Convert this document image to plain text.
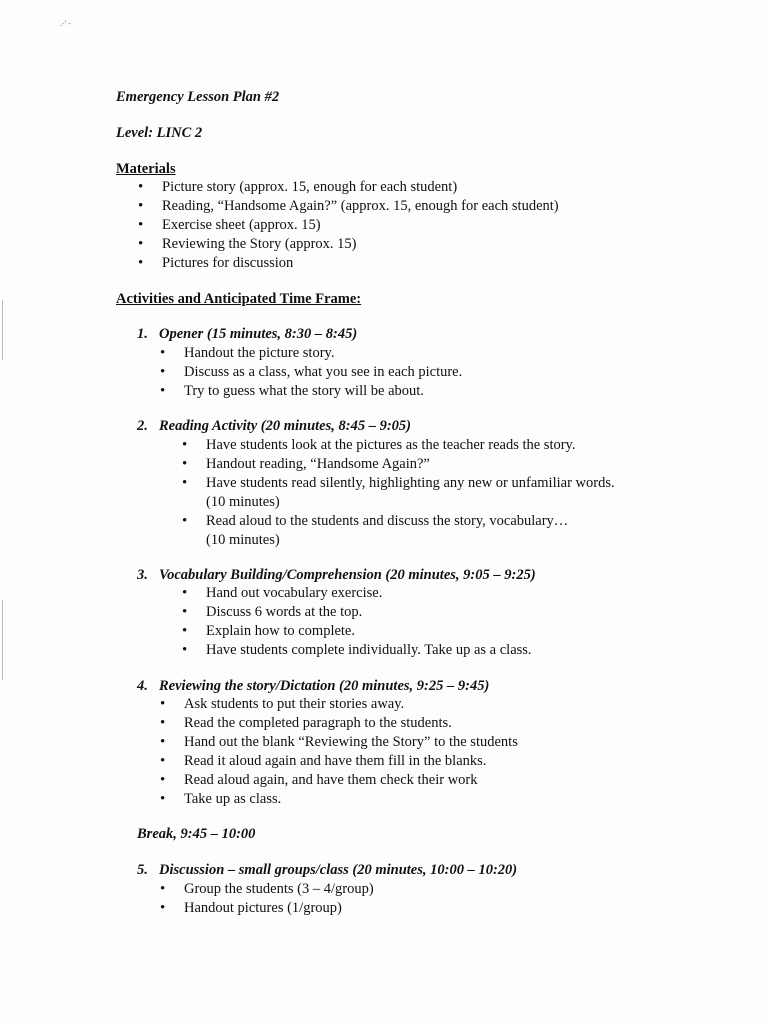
.-' -
Emergency Lesson Plan #2
Level: LINC 2
Materials
• Picture story (approx. 15, enough for each student)
• Reading, “Handsome Again?” (approx. 15, enough for each student)
• Exercise sheet (approx. 15)
• Reviewing the Story (approx. 15)
• Pictures for discussion
Activities and Anticipated Time Frame:
1. Opener (15 minutes, 8:30 – 8:45)
• Handout the picture story.
• Discuss as a class, what you see in each picture.
• Try to guess what the story will be about.
2. Reading Activity (20 minutes, 8:45 – 9:05)
• Have students look at the pictures as the teacher reads the story.
• Handout reading, “Handsome Again?”
• Have students read silently, highlighting any new or unfamiliar words.
(10 minutes)
• Read aloud to the students and discuss the story, vocabulary…
(10 minutes)
3. Vocabulary Building/Comprehension (20 minutes, 9:05 – 9:25)
• Hand out vocabulary exercise.
• Discuss 6 words at the top.
• Explain how to complete.
• Have students complete individually. Take up as a class.
4. Reviewing the story/Dictation (20 minutes, 9:25 – 9:45)
• Ask students to put their stories away.
• Read the completed paragraph to the students.
• Hand out the blank “Reviewing the Story” to the students
• Read it aloud again and have them fill in the blanks.
• Read aloud again, and have them check their work
• Take up as class.
Break, 9:45 – 10:00
5. Discussion – small groups/class (20 minutes, 10:00 – 10:20)
• Group the students (3 – 4/group)
• Handout pictures (1/group)
